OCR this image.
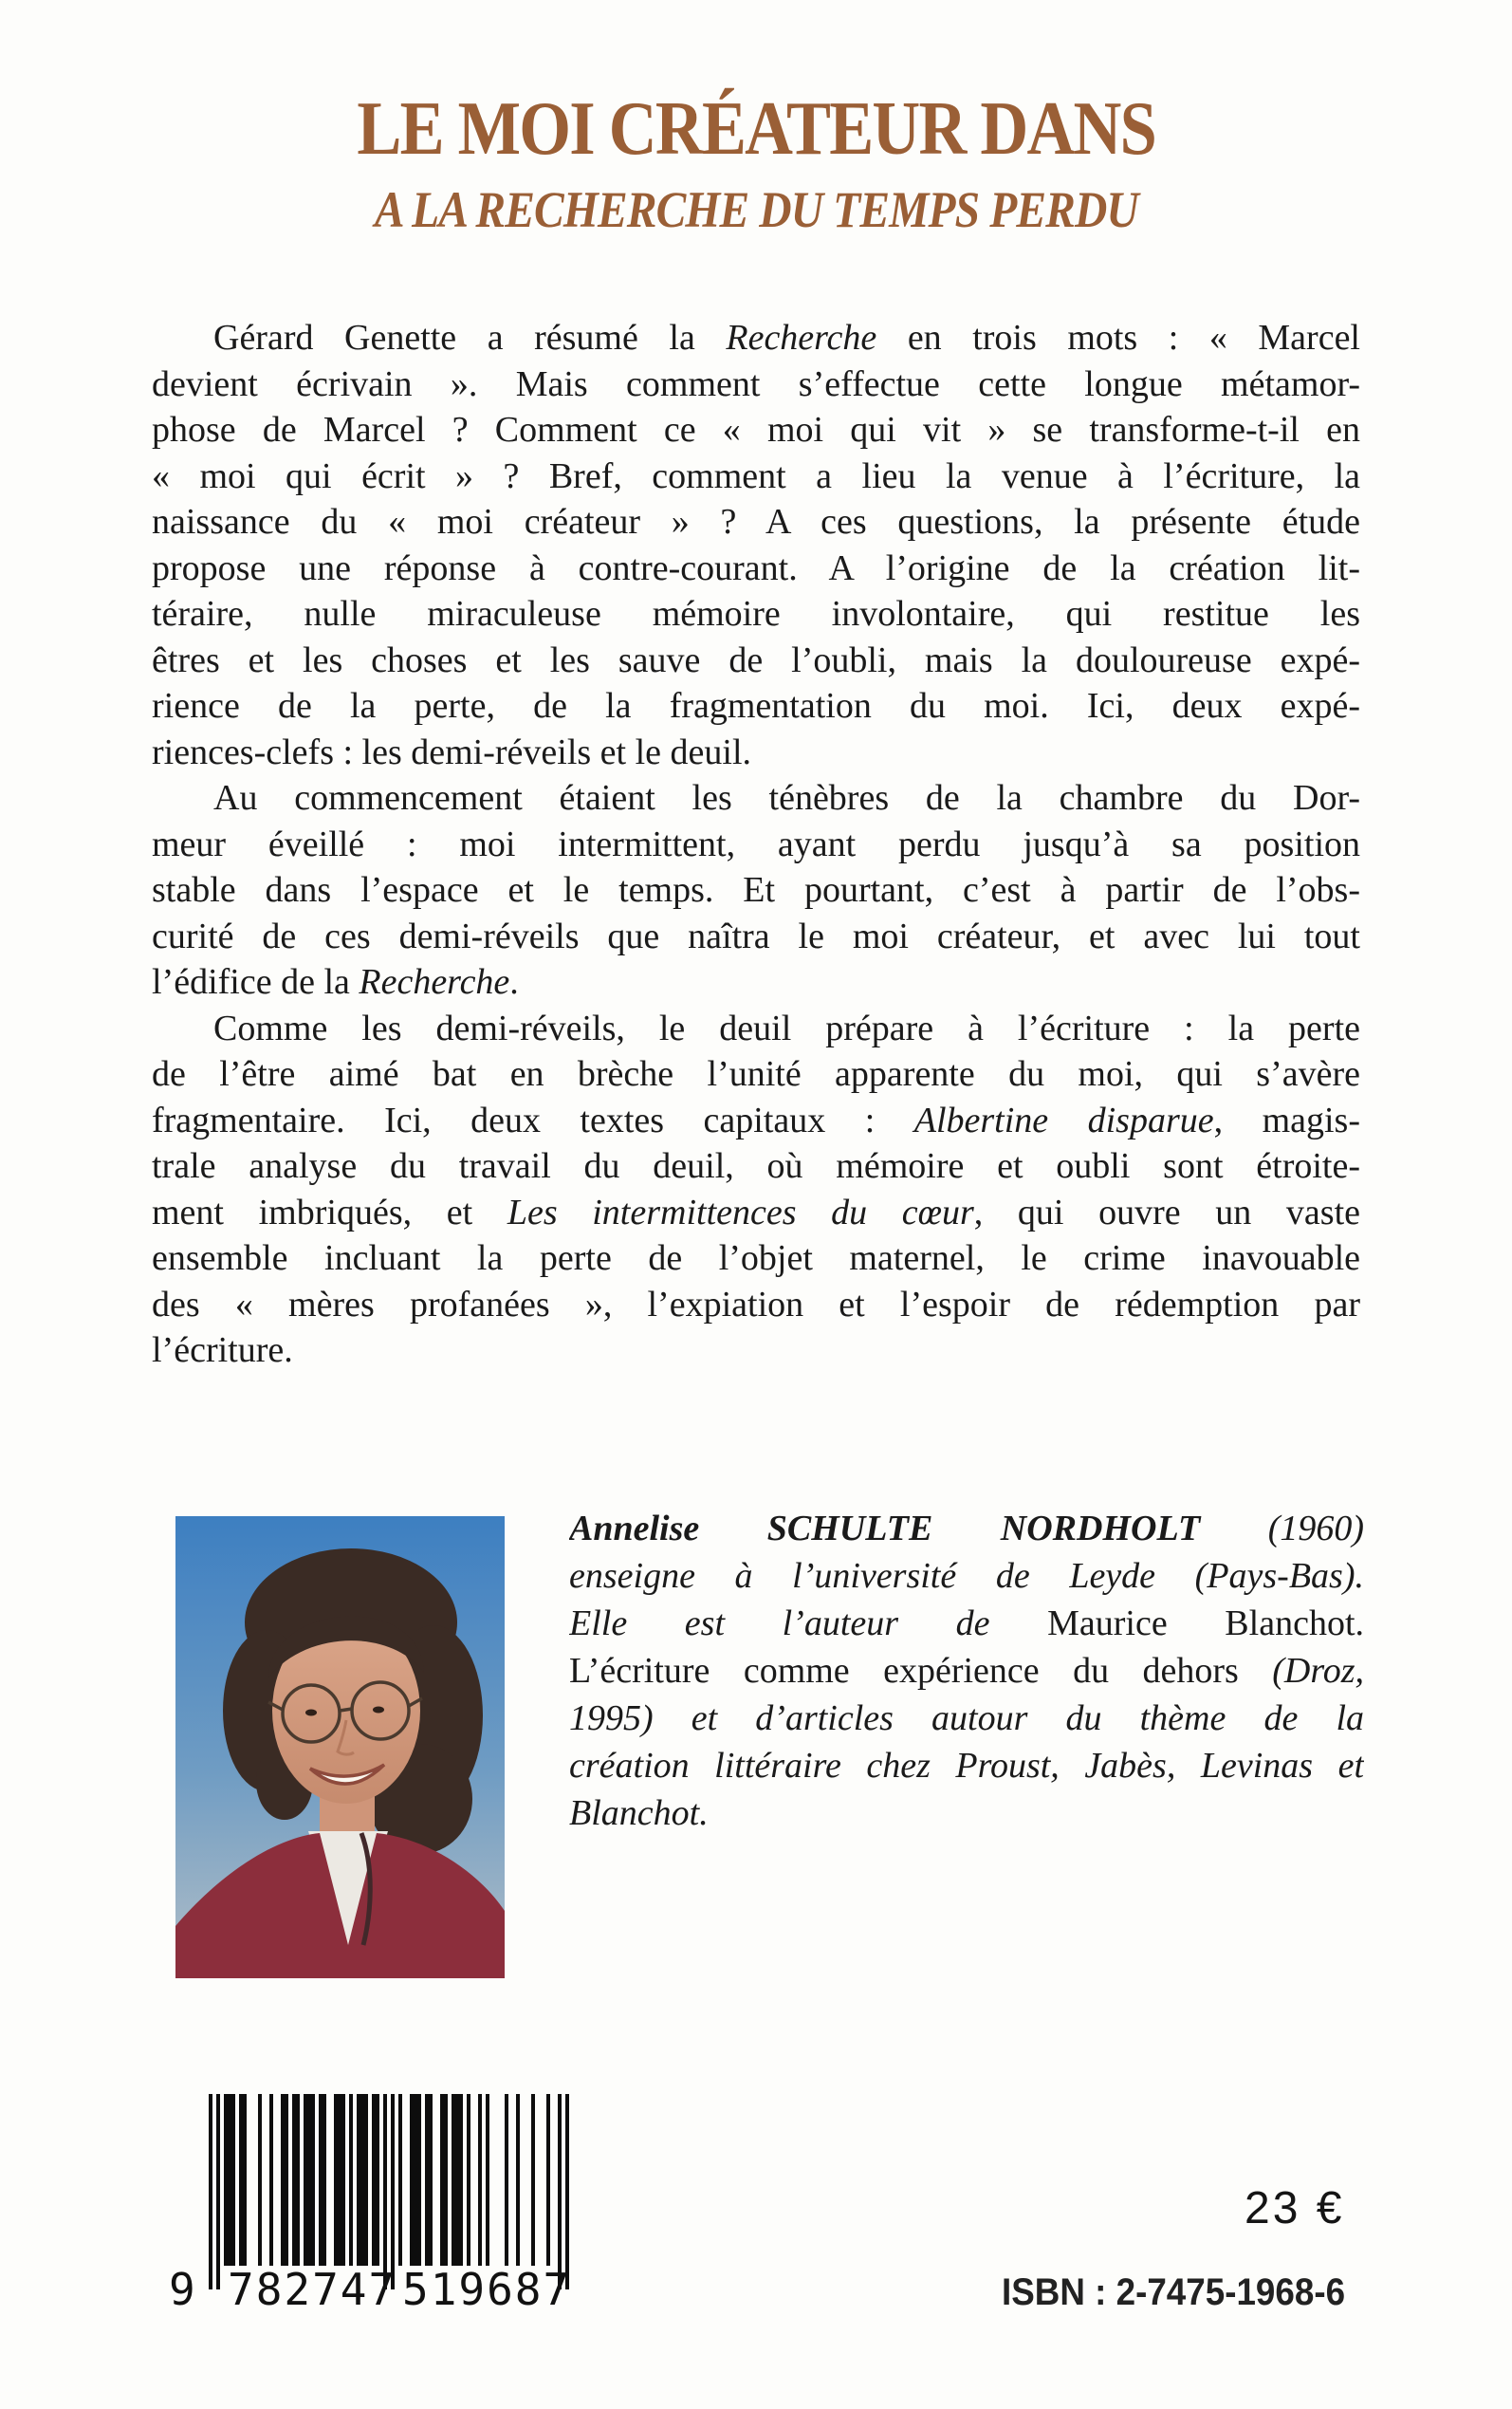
LE MOI CRÉATEUR DANS
A LA RECHERCHE DU TEMPS PERDU
Gérard Genette a résumé la Recherche en trois mots : « Marcel
devient écrivain ». Mais comment s’effectue cette longue métamor-
phose de Marcel ? Comment ce « moi qui vit » se transforme-t-il en
« moi qui écrit » ? Bref, comment a lieu la venue à l’écriture, la
naissance du « moi créateur » ? A ces questions, la présente étude
propose une réponse à contre-courant. A l’origine de la création lit-
téraire, nulle miraculeuse mémoire involontaire, qui restitue les
êtres et les choses et les sauve de l’oubli, mais la douloureuse expé-
rience de la perte, de la fragmentation du moi. Ici, deux expé-
riences-clefs : les demi-réveils et le deuil.
Au commencement étaient les ténèbres de la chambre du Dor-
meur éveillé : moi intermittent, ayant perdu jusqu’à sa position
stable dans l’espace et le temps. Et pourtant, c’est à partir de l’obs-
curité de ces demi-réveils que naîtra le moi créateur, et avec lui tout
l’édifice de la Recherche.
Comme les demi-réveils, le deuil prépare à l’écriture : la perte
de l’être aimé bat en brèche l’unité apparente du moi, qui s’avère
fragmentaire. Ici, deux textes capitaux : Albertine disparue, magis-
trale analyse du travail du deuil, où mémoire et oubli sont étroite-
ment imbriqués, et Les intermittences du cœur, qui ouvre un vaste
ensemble incluant la perte de l’objet maternel, le crime inavouable
des « mères profanées », l’expiation et l’espoir de rédemption par
l’écriture.
Annelise SCHULTE NORDHOLT (1960)
enseigne à l’université de Leyde (Pays-Bas).
Elle est l’auteur de Maurice Blanchot.
L’écriture comme expérience du dehors (Droz,
1995) et d’articles autour du thème de la
création littéraire chez Proust, Jabès, Levinas et
Blanchot.
9 782747 519687
23 €
ISBN : 2-7475-1968-6
